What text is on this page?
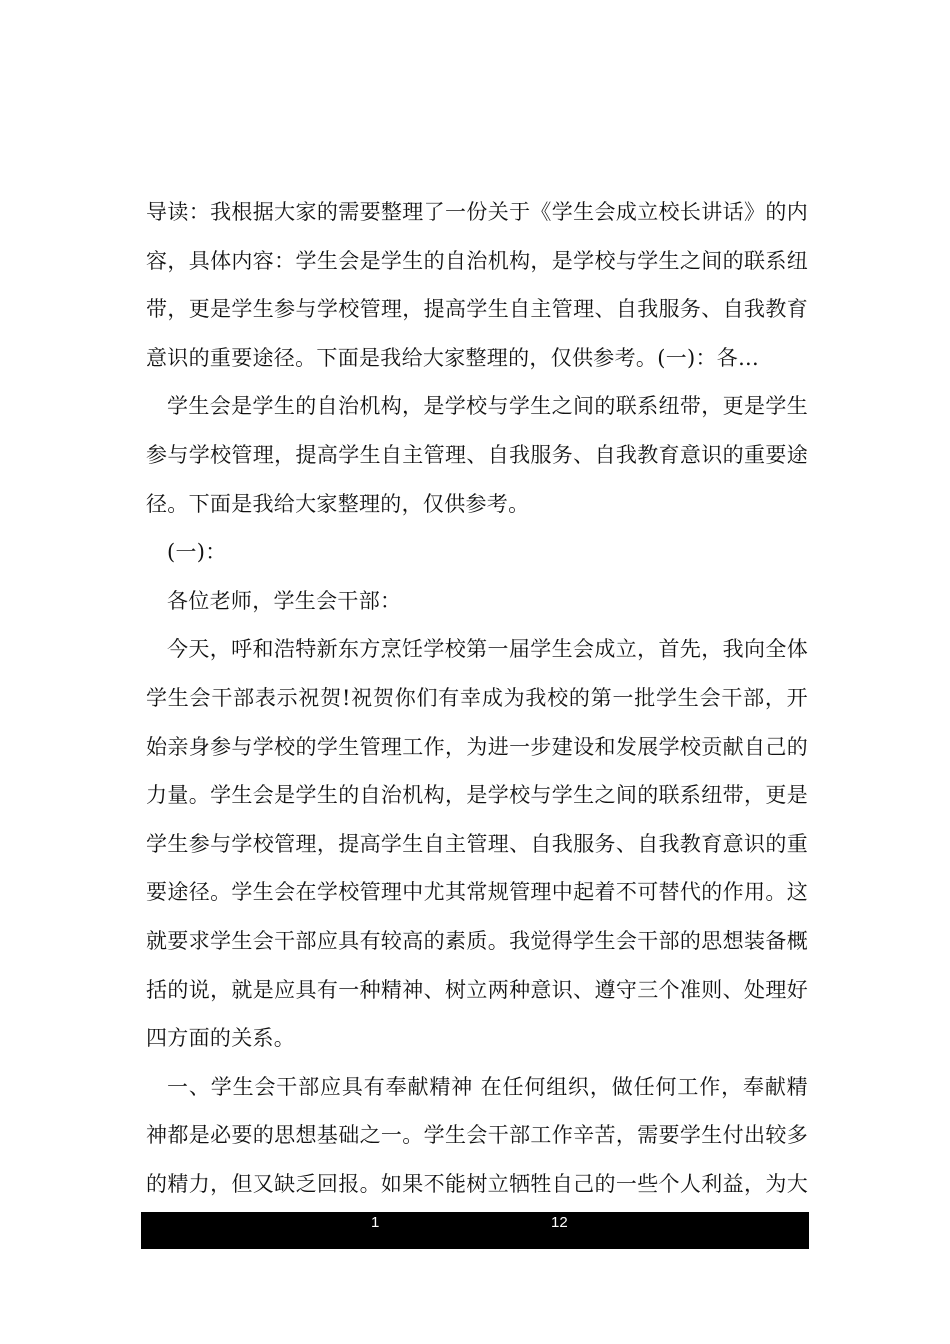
导读：我根据大家的需要整理了一份关于《学生会成立校长讲话》的内容，具体内容：学生会是学生的自治机构，是学校与学生之间的联系纽带，更是学生参与学校管理，提高学生自主管理、自我服务、自我教育意识的重要途径。下面是我给大家整理的，仅供参考。(一)：各...

学生会是学生的自治机构，是学校与学生之间的联系纽带，更是学生参与学校管理，提高学生自主管理、自我服务、自我教育意识的重要途径。下面是我给大家整理的，仅供参考。

(一)：

各位老师，学生会干部：

今天，呼和浩特新东方烹饪学校第一届学生会成立，首先，我向全体学生会干部表示祝贺!祝贺你们有幸成为我校的第一批学生会干部，开始亲身参与学校的学生管理工作，为进一步建设和发展学校贡献自己的力量。学生会是学生的自治机构，是学校与学生之间的联系纽带，更是学生参与学校管理，提高学生自主管理、自我服务、自我教育意识的重要途径。学生会在学校管理中尤其常规管理中起着不可替代的作用。这就要求学生会干部应具有较高的素质。我觉得学生会干部的思想装备概括的说，就是应具有一种精神、树立两种意识、遵守三个准则、处理好四方面的关系。

一、学生会干部应具有奉献精神 在任何组织，做任何工作，奉献精神都是必要的思想基础之一。学生会干部工作辛苦，需要学生付出较多的精力，但又缺乏回报。如果不能树立牺牲自己的一些个人利益，为大

1	12
